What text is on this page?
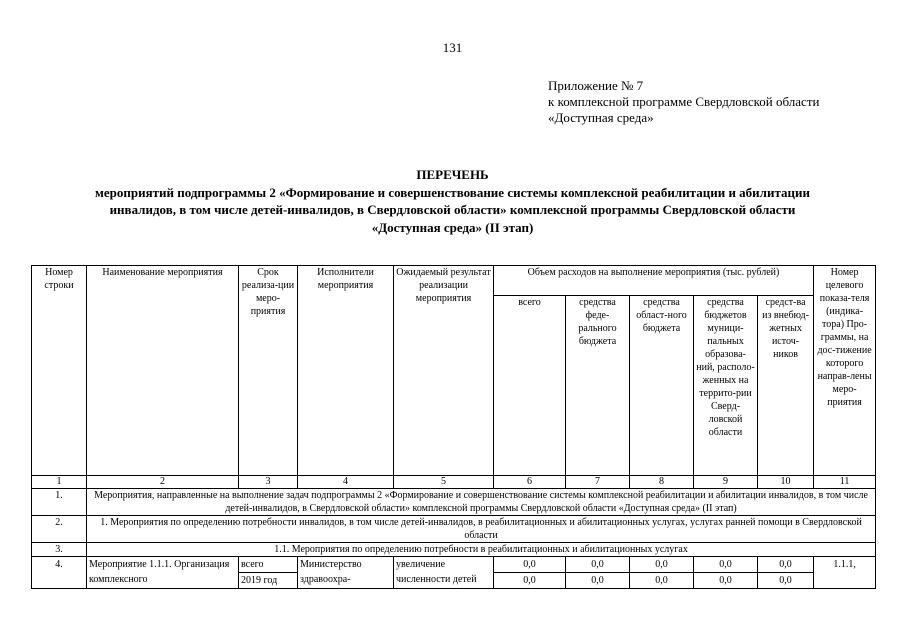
131
Приложение № 7
к комплексной программе Свердловской области
«Доступная среда»
ПЕРЕЧЕНЬ
мероприятий подпрограммы 2 «Формирование и совершенствование системы комплексной реабилитации и абилитации
инвалидов, в том числе детей-инвалидов, в Свердловской области» комплексной программы Свердловской области
«Доступная среда» (II этап)
Номер строки	Наименование мероприятия	Срок реализа-ции меро-приятия	Исполнители мероприятия	Ожидаемый результат реализации мероприятия	Объем расходов на выполнение мероприятия (тыс. рублей)					Номер целевого показа-теля (индика-тора) Про-граммы, на дос-тижение которого направ-лены меро-приятия
					всего	средства феде-рального бюджета	средства област-ного бюджета	средства бюджетов муници-пальных образова-ний, располо-женных на террито-рии Сверд-ловской области	средст-ва из внебюд-жетных источ-ников	
1	2	3	4	5	6	7	8	9	10	11
1.	Мероприятия, направленные на выполнение задач подпрограммы 2 «Формирование и совершенствование системы комплексной реабилитации и абилитации инвалидов, в том числе детей-инвалидов, в Свердловской области» комплексной программы Свердловской области «Доступная среда» (II этап)									
2.	1. Мероприятия по определению потребности инвалидов, в том числе детей-инвалидов, в реабилитационных и абилитационных услугах, услугах ранней помощи в Свердловской области									
3.	1.1. Мероприятия по определению потребности в реабилитационных и абилитационных услугах									
4.	Мероприятие 1.1.1. Организация комплексного	всего	Министерство здравоохра-	увеличение численности детей	0,0	0,0	0,0	0,0	0,0	1.1.1,
		2019 год			0,0	0,0	0,0	0,0	0,0	
